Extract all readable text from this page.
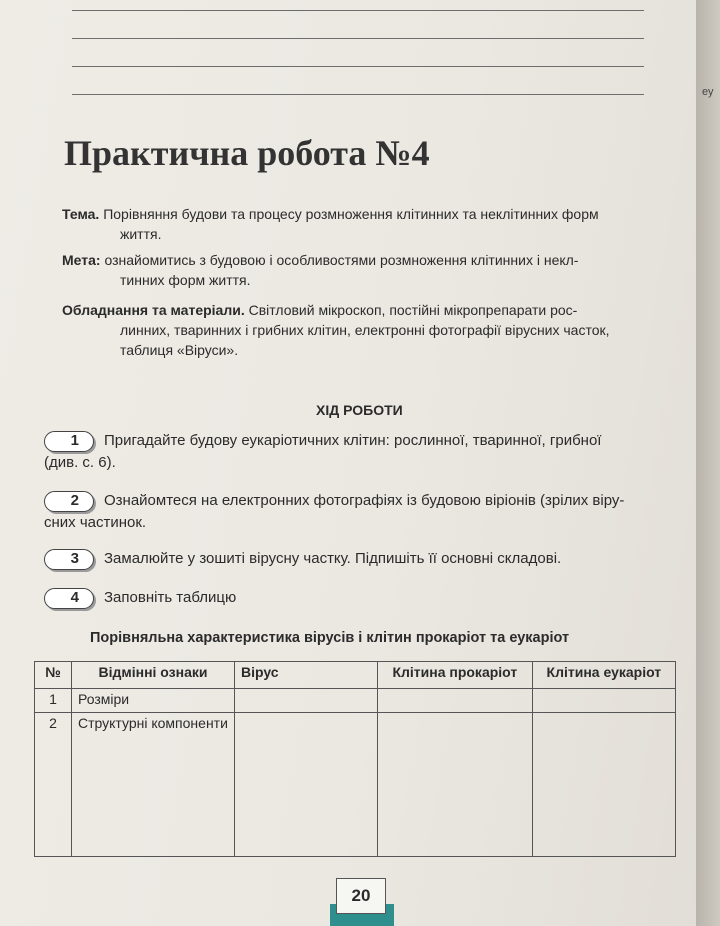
Практична робота №4
Тема. Порівняння будови та процесу розмноження клітинних та неклітинних форм
життя.
Мета: ознайомитись з будовою і особливостями розмноження клітинних і некл-
тинних форм життя.
Обладнання та матеріали. Світловий мікроскоп, постійні мікропрепарати рос-
линних, тваринних і грибних клітин, електронні фотографії вірусних часток,
таблиця «Віруси».
ХІД РОБОТИ
1 Пригадайте будову еукаріотичних клітин: рослинної, тваринної, грибної
(див. с. 6).
2 Ознайомтеся на електронних фотографіях із будовою віріонів (зрілих віру-
сних частинок.
3 Замалюйте у зошиті вірусну частку. Підпишіть її основні складові.
4 Заповніть таблицю
Порівняльна характеристика вірусів і клітин прокаріот та еукаріот
№	Відмінні ознаки	Вірус	Клітина прокаріот	Клітина еукаріот
1	Розміри			
2	Структурні компоненти			
20
еу
